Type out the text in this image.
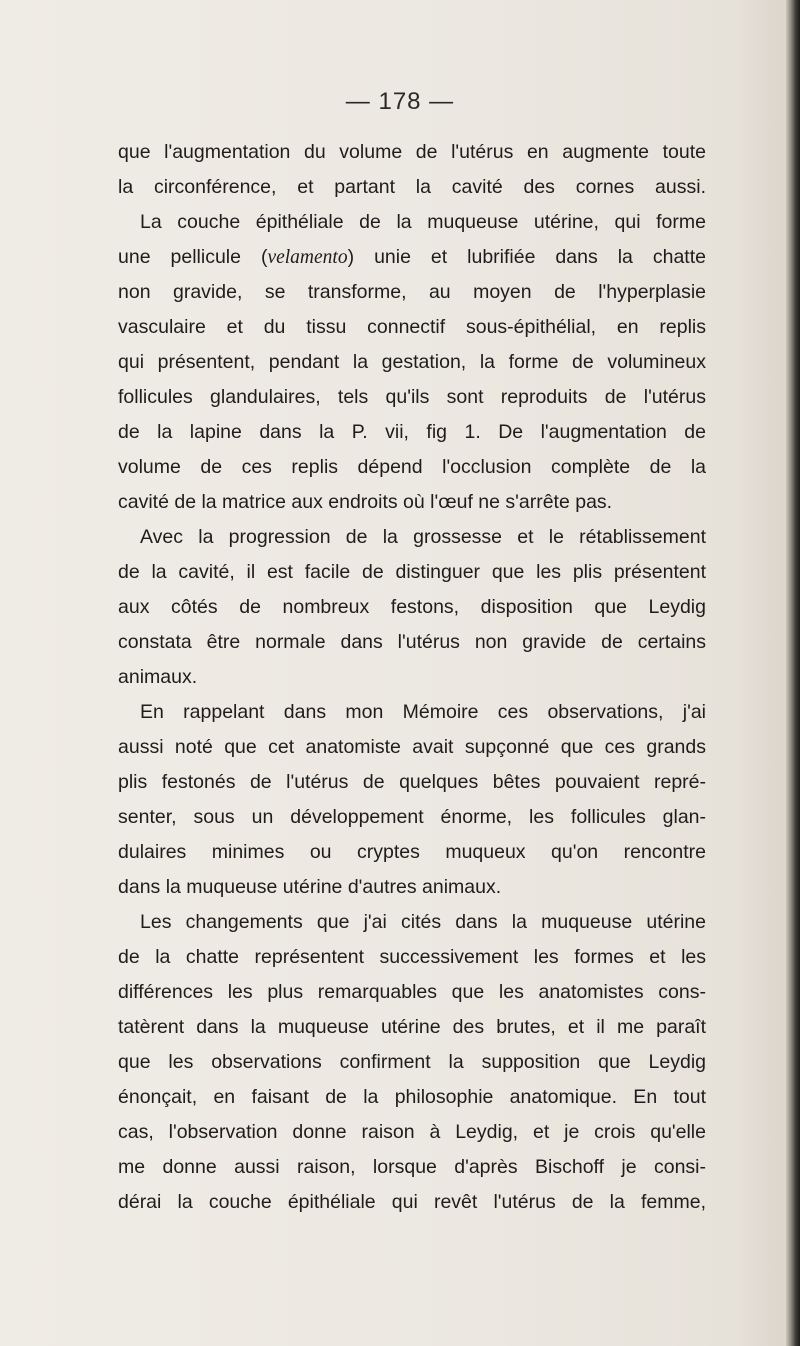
— 178 —
que l'augmentation du volume de l'utérus en augmente toute
la circonférence, et partant la cavité des cornes aussi.
La couche épithéliale de la muqueuse utérine, qui forme
une pellicule (velamento) unie et lubrifiée dans la chatte
non gravide, se transforme, au moyen de l'hyperplasie
vasculaire et du tissu connectif sous-épithélial, en replis
qui présentent, pendant la gestation, la forme de volumineux
follicules glandulaires, tels qu'ils sont reproduits de l'utérus
de la lapine dans la P. vii, fig 1. De l'augmentation de
volume de ces replis dépend l'occlusion complète de la
cavité de la matrice aux endroits où l'œuf ne s'arrête pas.
Avec la progression de la grossesse et le rétablissement
de la cavité, il est facile de distinguer que les plis présentent
aux côtés de nombreux festons, disposition que Leydig
constata être normale dans l'utérus non gravide de certains
animaux.
En rappelant dans mon Mémoire ces observations, j'ai
aussi noté que cet anatomiste avait supçonné que ces grands
plis festonés de l'utérus de quelques bêtes pouvaient repré-
senter, sous un développement énorme, les follicules glan-
dulaires minimes ou cryptes muqueux qu'on rencontre
dans la muqueuse utérine d'autres animaux.
Les changements que j'ai cités dans la muqueuse utérine
de la chatte représentent successivement les formes et les
différences les plus remarquables que les anatomistes cons-
tatèrent dans la muqueuse utérine des brutes, et il me paraît
que les observations confirment la supposition que Leydig
énonçait, en faisant de la philosophie anatomique. En tout
cas, l'observation donne raison à Leydig, et je crois qu'elle
me donne aussi raison, lorsque d'après Bischoff je consi-
dérai la couche épithéliale qui revêt l'utérus de la femme,
